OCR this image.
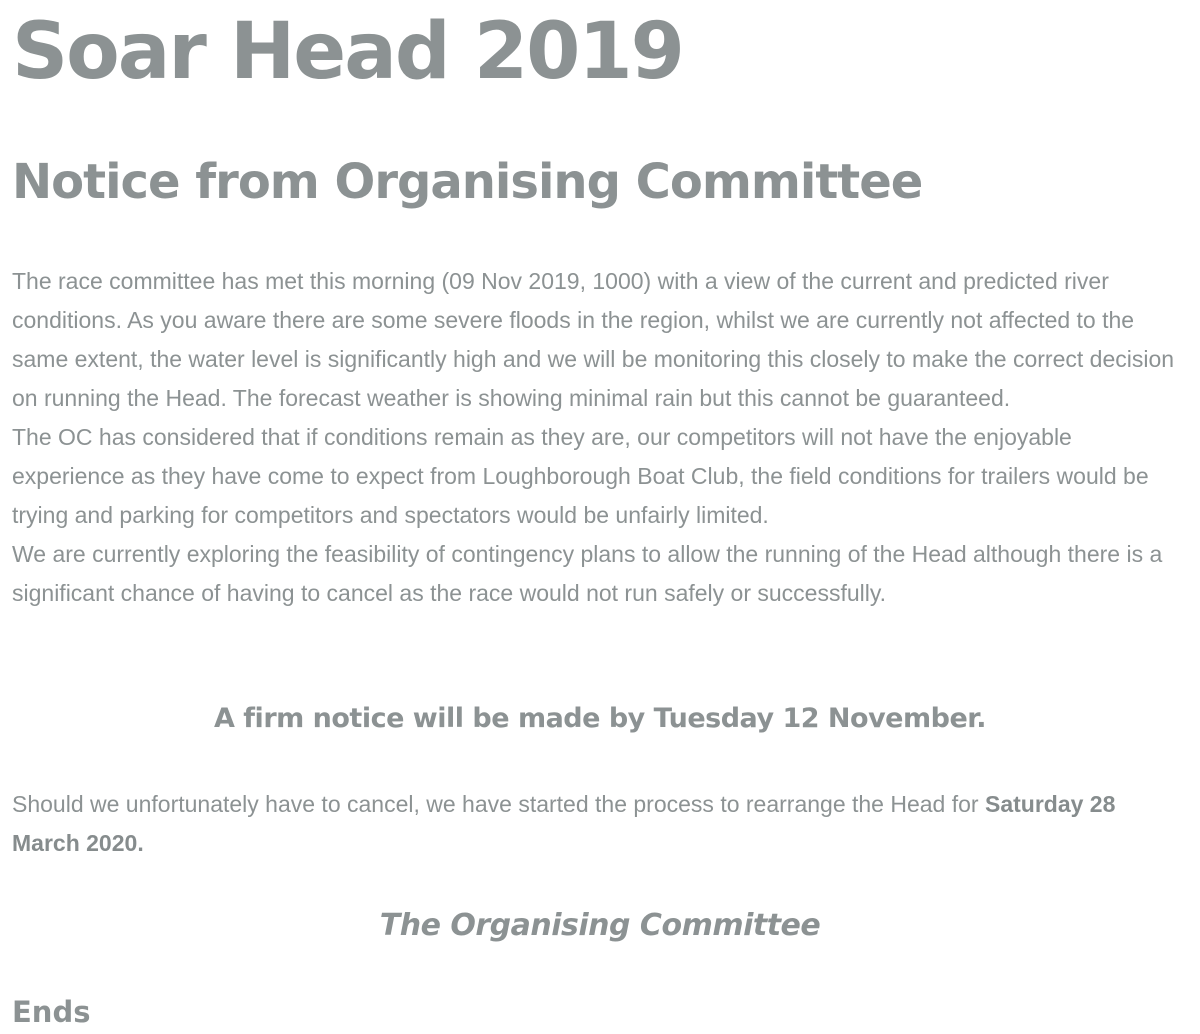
Soar Head 2019
Notice from Organising Committee

The race committee has met this morning (09 Nov 2019, 1000) with a view of the current and predicted river conditions. As you aware there are some severe floods in the region, whilst we are currently not affected to the same extent, the water level is significantly high and we will be monitoring this closely to make the correct decision on running the Head. The forecast weather is showing minimal rain but this cannot be guaranteed.

The OC has considered that if conditions remain as they are, our competitors will not have the enjoyable experience as they have come to expect from Loughborough Boat Club, the field conditions for trailers would be trying and parking for competitors and spectators would be unfairly limited.

We are currently exploring the feasibility of contingency plans to allow the running of the Head although there is a significant chance of having to cancel as the race would not run safely or successfully.

Should we unfortunately have to cancel, we have started the process to rearrange the Head for Saturday 28 March 2020.

Ends
A firm notice will be made by Tuesday 12 November.
The Organising Committee
